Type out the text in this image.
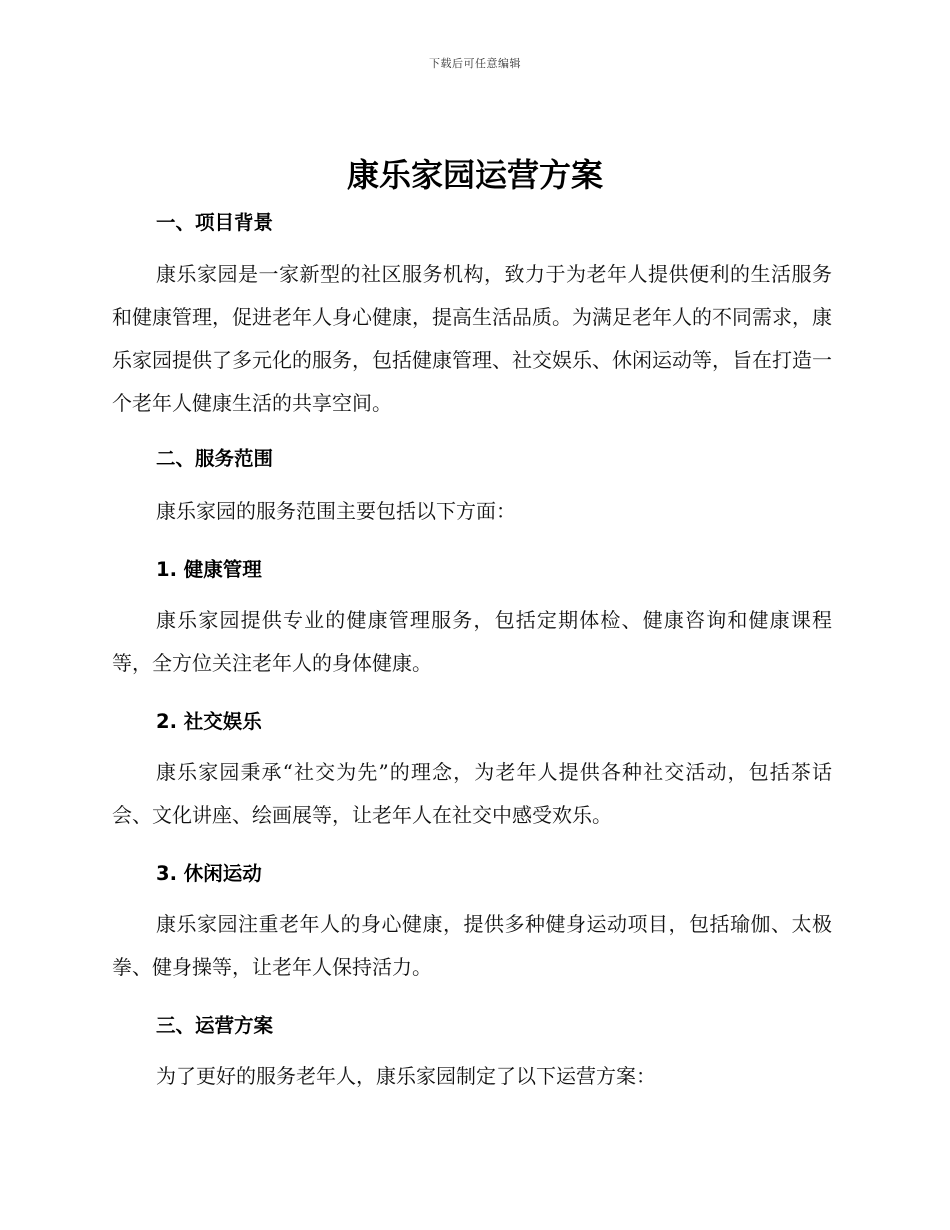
下载后可任意编辑
康乐家园运营方案
一、项目背景
康乐家园是一家新型的社区服务机构，致力于为老年人提供便利的生活服务和健康管理，促进老年人身心健康，提高生活品质。为满足老年人的不同需求，康乐家园提供了多元化的服务，包括健康管理、社交娱乐、休闲运动等，旨在打造一个老年人健康生活的共享空间。
二、服务范围
康乐家园的服务范围主要包括以下方面：
1. 健康管理
康乐家园提供专业的健康管理服务，包括定期体检、健康咨询和健康课程等，全方位关注老年人的身体健康。
2. 社交娱乐
康乐家园秉承“社交为先”的理念，为老年人提供各种社交活动，包括茶话会、文化讲座、绘画展等，让老年人在社交中感受欢乐。
3. 休闲运动
康乐家园注重老年人的身心健康，提供多种健身运动项目，包括瑜伽、太极拳、健身操等，让老年人保持活力。
三、运营方案
为了更好的服务老年人，康乐家园制定了以下运营方案：
